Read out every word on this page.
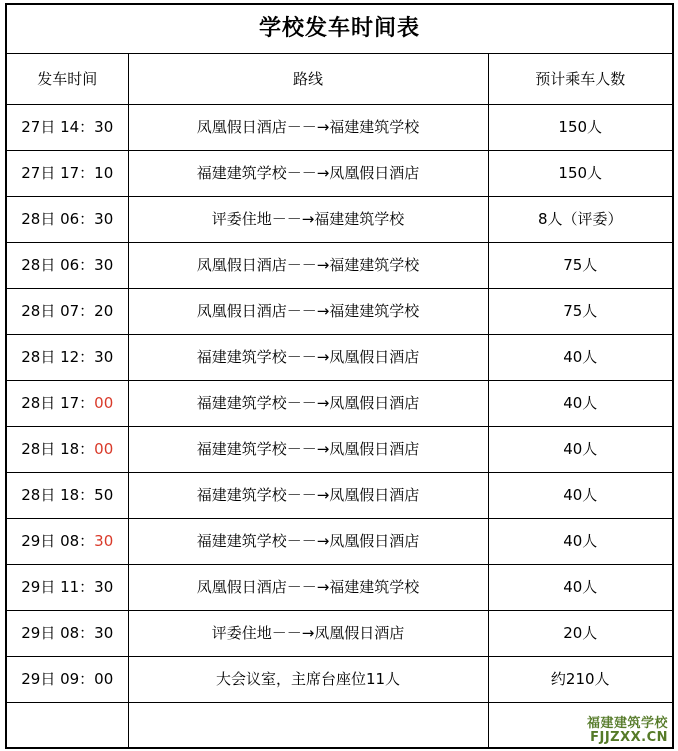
学校发车时间表		
发车时间	路线	预计乘车人数
27日 14：30	凤凰假日酒店－－→福建建筑学校	150人
27日 17：10	福建建筑学校－－→凤凰假日酒店	150人
28日 06：30	评委住地－－→福建建筑学校	8人（评委）
28日 06：30	凤凰假日酒店－－→福建建筑学校	75人
28日 07：20	凤凰假日酒店－－→福建建筑学校	75人
28日 12：30	福建建筑学校－－→凤凰假日酒店	40人
28日 17：00	福建建筑学校－－→凤凰假日酒店	40人
28日 18：00	福建建筑学校－－→凤凰假日酒店	40人
28日 18：50	福建建筑学校－－→凤凰假日酒店	40人
29日 08：30	福建建筑学校－－→凤凰假日酒店	40人
29日 11：30	凤凰假日酒店－－→福建建筑学校	40人
29日 08：30	评委住地－－→凤凰假日酒店	20人
29日 09：00	大会议室，主席台座位11人	约210人

		福建建筑学校
FJJZXX.CN
